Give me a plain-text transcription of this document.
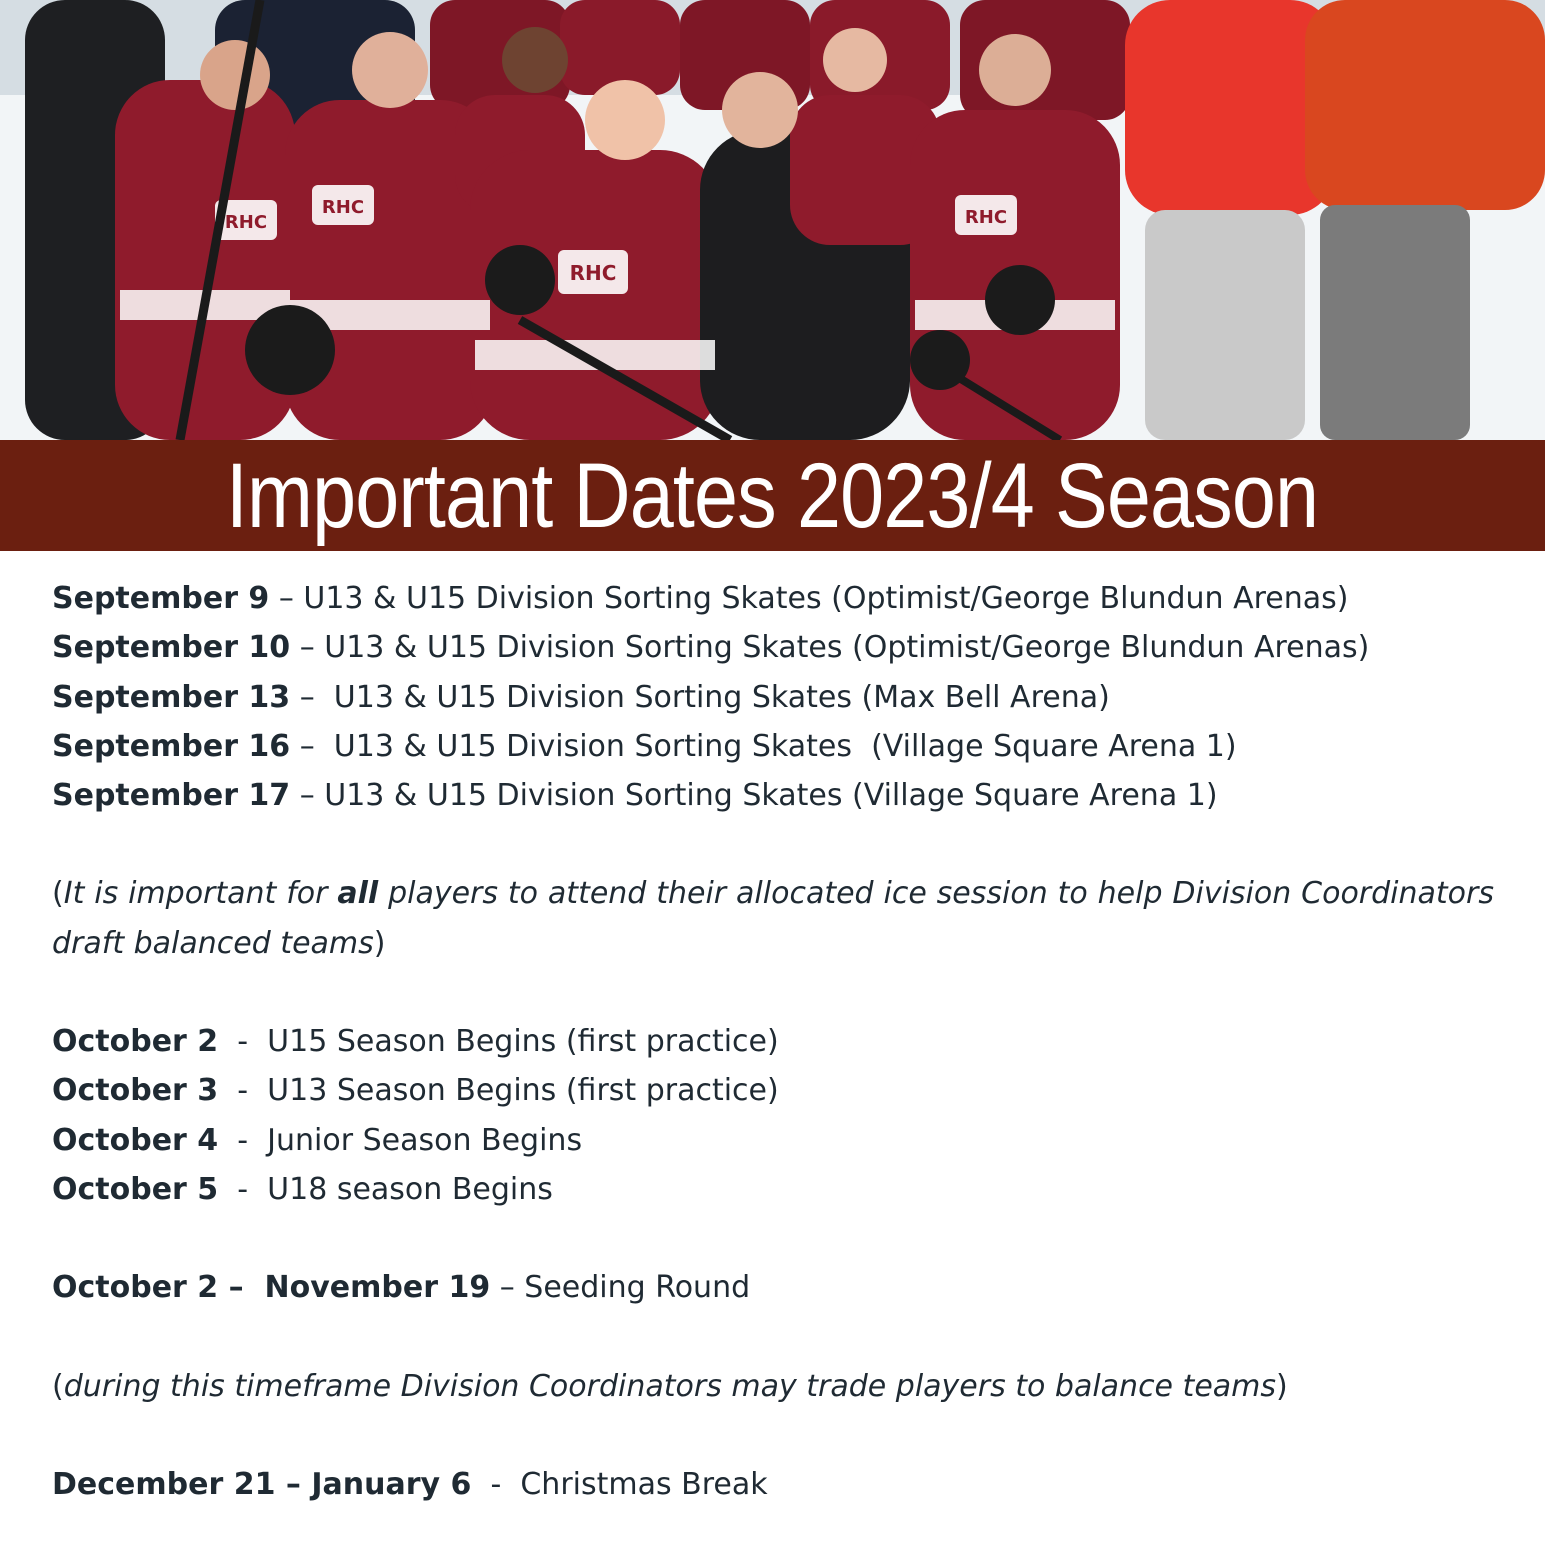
RHC
RHC
RHC
RHC
Important Dates 2023/4 Season
September 9 – U13 & U15 Division Sorting Skates (Optimist/George Blundun Arenas)
September 10 – U13 & U15 Division Sorting Skates (Optimist/George Blundun Arenas)
September 13 –  U13 & U15 Division Sorting Skates (Max Bell Arena)
September 16 –  U13 & U15 Division Sorting Skates  (Village Square Arena 1)
September 17 – U13 & U15 Division Sorting Skates (Village Square Arena 1)
(It is important for all players to attend their allocated ice session to help Division Coordinators draft balanced teams)
October 2  -  U15 Season Begins (first practice)
October 3  -  U13 Season Begins (first practice)
October 4  -  Junior Season Begins
October 5  -  U18 season Begins
October 2 –  November 19 – Seeding Round
(during this timeframe Division Coordinators may trade players to balance teams)
December 21 – January 6  -  Christmas Break
